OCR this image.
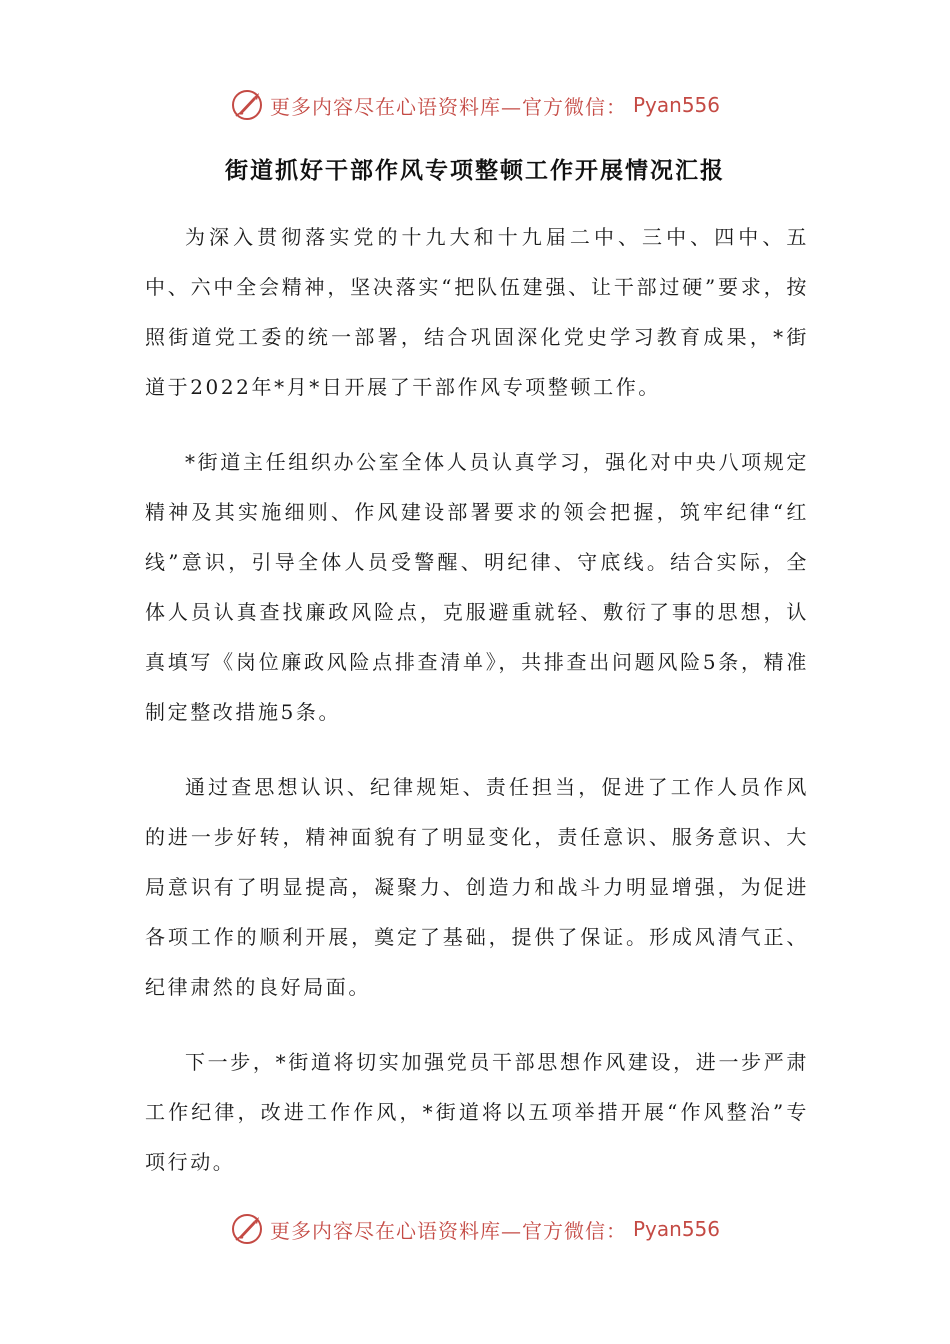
更多内容尽在心语资料库—官方微信： Pyan556
街道抓好干部作风专项整顿工作开展情况汇报

为深入贯彻落实党的十九大和十九届二中、三中、四中、五中、六中全会精神，坚决落实“把队伍建强、让干部过硬”要求，按照街道党工委的统一部署，结合巩固深化党史学习教育成果，*街道于2022年*月*日开展了干部作风专项整顿工作。

*街道主任组织办公室全体人员认真学习，强化对中央八项规定精神及其实施细则、作风建设部署要求的领会把握，筑牢纪律“红线”意识，引导全体人员受警醒、明纪律、守底线。结合实际，全体人员认真查找廉政风险点，克服避重就轻、敷衍了事的思想，认真填写《岗位廉政风险点排查清单》，共排查出问题风险5条，精准制定整改措施5条。

通过查思想认识、纪律规矩、责任担当，促进了工作人员作风的进一步好转，精神面貌有了明显变化，责任意识、服务意识、大局意识有了明显提高，凝聚力、创造力和战斗力明显增强，为促进各项工作的顺利开展，奠定了基础，提供了保证。形成风清气正、纪律肃然的良好局面。

下一步，*街道将切实加强党员干部思想作风建设，进一步严肃工作纪律，改进工作作风，*街道将以五项举措开展“作风整治”专项行动。

更多内容尽在心语资料库—官方微信： Pyan556
